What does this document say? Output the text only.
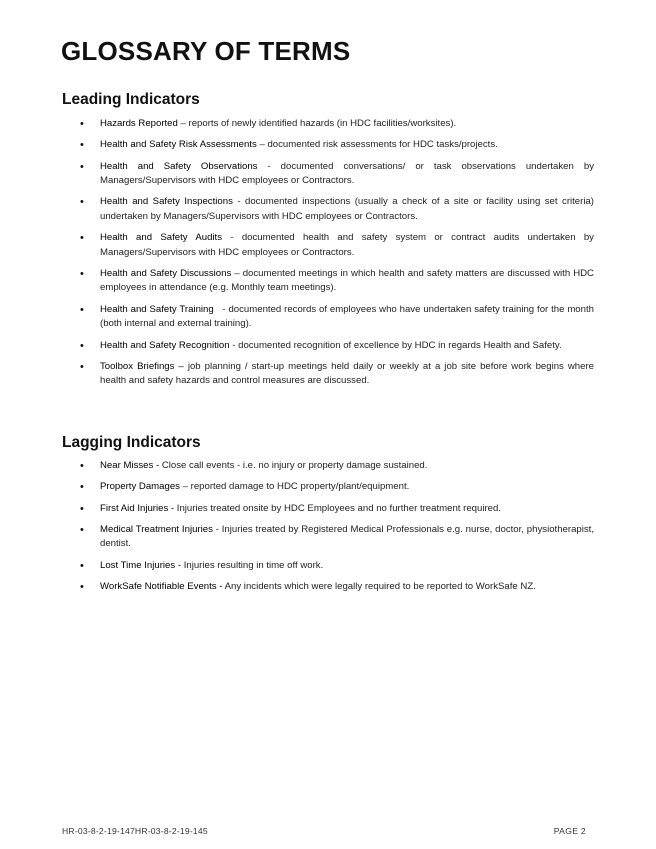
GLOSSARY OF TERMS
Leading Indicators
•	Hazards Reported – reports of newly identified hazards (in HDC facilities/worksites).
•	Health and Safety Risk Assessments – documented risk assessments for HDC tasks/projects.
•	Health and Safety Observations - documented conversations/ or task observations undertaken by Managers/Supervisors with HDC employees or Contractors.
•	Health and Safety Inspections - documented inspections (usually a check of a site or facility using set criteria) undertaken by Managers/Supervisors with HDC employees or Contractors.
•	Health and Safety Audits - documented health and safety system or contract audits undertaken by Managers/Supervisors with HDC employees or Contractors.
•	Health and Safety Discussions – documented meetings in which health and safety matters are discussed with HDC employees in attendance (e.g. Monthly team meetings).
•	Health and Safety Training   - documented records of employees who have undertaken safety training for the month (both internal and external training).
•	Health and Safety Recognition - documented recognition of excellence by HDC in regards Health and Safety.
•	Toolbox Briefings – job planning / start-up meetings held daily or weekly at a job site before work begins where health and safety hazards and control measures are discussed.
Lagging Indicators
•	Near Misses - Close call events - i.e. no injury or property damage sustained.
•	Property Damages – reported damage to HDC property/plant/equipment.
•	First Aid Injuries - Injuries treated onsite by HDC Employees and no further treatment required.
•	Medical Treatment Injuries - Injuries treated by Registered Medical Professionals e.g. nurse, doctor, physiotherapist, dentist.
•	Lost Time Injuries - Injuries resulting in time off work.
•	WorkSafe Notifiable Events - Any incidents which were legally required to be reported to WorkSafe NZ.
HR-03-8-2-19-147HR-03-8-2-19-145	PAGE 2
